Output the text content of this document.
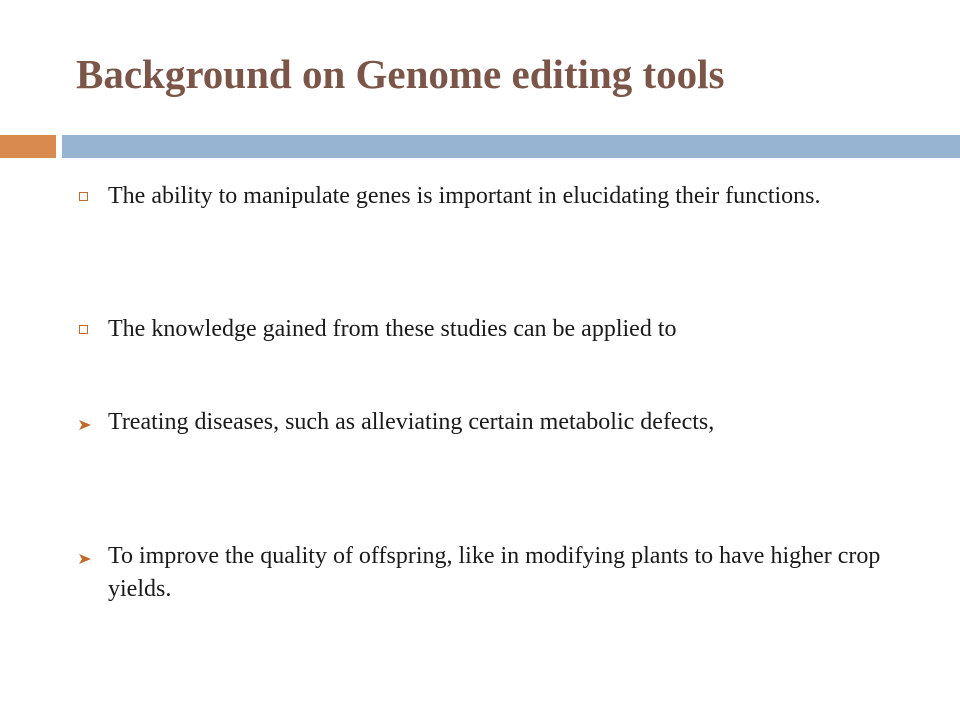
Background on Genome editing tools
The ability to manipulate genes is important in elucidating their functions.
The knowledge gained from these studies can be applied to
Treating diseases, such as alleviating certain metabolic defects,
To improve the quality of offspring, like in modifying plants to have higher crop yields.
